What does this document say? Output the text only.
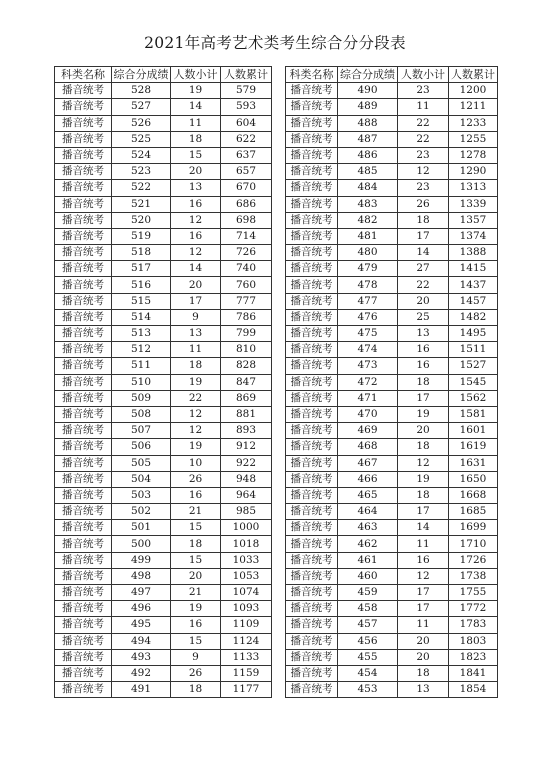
2021年高考艺术类考生综合分分段表
科类名称	综合分成绩	人数小计	人数累计
播音统考	528	19	579
播音统考	527	14	593
播音统考	526	11	604
播音统考	525	18	622
播音统考	524	15	637
播音统考	523	20	657
播音统考	522	13	670
播音统考	521	16	686
播音统考	520	12	698
播音统考	519	16	714
播音统考	518	12	726
播音统考	517	14	740
播音统考	516	20	760
播音统考	515	17	777
播音统考	514	9	786
播音统考	513	13	799
播音统考	512	11	810
播音统考	511	18	828
播音统考	510	19	847
播音统考	509	22	869
播音统考	508	12	881
播音统考	507	12	893
播音统考	506	19	912
播音统考	505	10	922
播音统考	504	26	948
播音统考	503	16	964
播音统考	502	21	985
播音统考	501	15	1000
播音统考	500	18	1018
播音统考	499	15	1033
播音统考	498	20	1053
播音统考	497	21	1074
播音统考	496	19	1093
播音统考	495	16	1109
播音统考	494	15	1124
播音统考	493	9	1133
播音统考	492	26	1159
播音统考	491	18	1177
科类名称	综合分成绩	人数小计	人数累计
播音统考	490	23	1200
播音统考	489	11	1211
播音统考	488	22	1233
播音统考	487	22	1255
播音统考	486	23	1278
播音统考	485	12	1290
播音统考	484	23	1313
播音统考	483	26	1339
播音统考	482	18	1357
播音统考	481	17	1374
播音统考	480	14	1388
播音统考	479	27	1415
播音统考	478	22	1437
播音统考	477	20	1457
播音统考	476	25	1482
播音统考	475	13	1495
播音统考	474	16	1511
播音统考	473	16	1527
播音统考	472	18	1545
播音统考	471	17	1562
播音统考	470	19	1581
播音统考	469	20	1601
播音统考	468	18	1619
播音统考	467	12	1631
播音统考	466	19	1650
播音统考	465	18	1668
播音统考	464	17	1685
播音统考	463	14	1699
播音统考	462	11	1710
播音统考	461	16	1726
播音统考	460	12	1738
播音统考	459	17	1755
播音统考	458	17	1772
播音统考	457	11	1783
播音统考	456	20	1803
播音统考	455	20	1823
播音统考	454	18	1841
播音统考	453	13	1854
